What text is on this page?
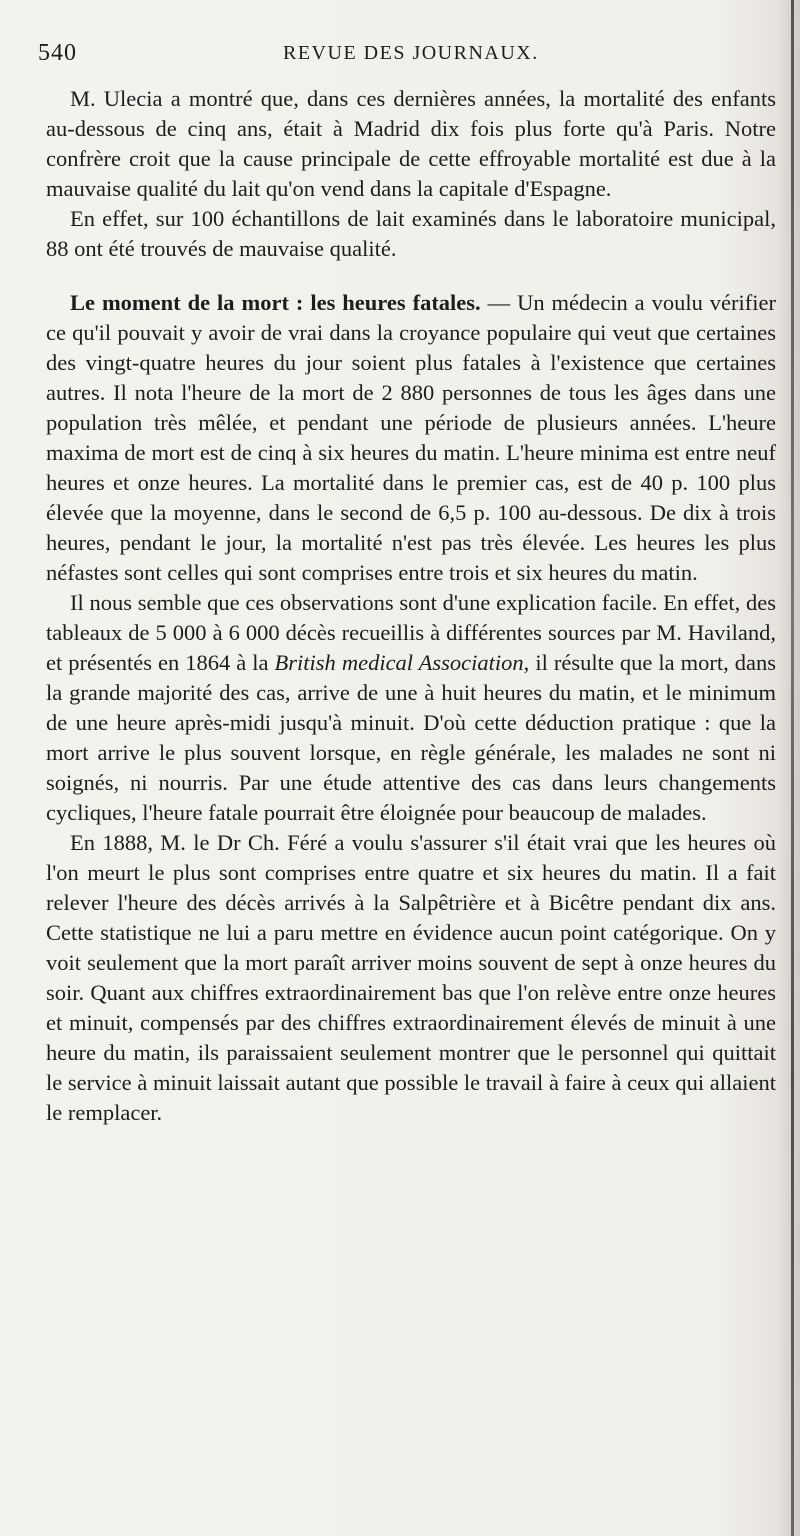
540	REVUE DES JOURNAUX.

M. Ulecia a montré que, dans ces dernières années, la mortalité des enfants au-dessous de cinq ans, était à Madrid dix fois plus forte qu'à Paris. Notre confrère croit que la cause principale de cette effroyable mortalité est due à la mauvaise qualité du lait qu'on vend dans la capitale d'Espagne.

En effet, sur 100 échantillons de lait examinés dans le laboratoire municipal, 88 ont été trouvés de mauvaise qualité.

Le moment de la mort : les heures fatales. — Un médecin a voulu vérifier ce qu'il pouvait y avoir de vrai dans la croyance populaire qui veut que certaines des vingt-quatre heures du jour soient plus fatales à l'existence que certaines autres. Il nota l'heure de la mort de 2 880 personnes de tous les âges dans une population très mêlée, et pendant une période de plusieurs années. L'heure maxima de mort est de cinq à six heures du matin. L'heure minima est entre neuf heures et onze heures. La mortalité dans le premier cas, est de 40 p. 100 plus élevée que la moyenne, dans le second de 6,5 p. 100 au-dessous. De dix à trois heures, pendant le jour, la mortalité n'est pas très élevée. Les heures les plus néfastes sont celles qui sont comprises entre trois et six heures du matin.

Il nous semble que ces observations sont d'une explication facile. En effet, des tableaux de 5 000 à 6 000 décès recueillis à différentes sources par M. Haviland, et présentés en 1864 à la British medical Association, il résulte que la mort, dans la grande majorité des cas, arrive de une à huit heures du matin, et le minimum de une heure après-midi jusqu'à minuit. D'où cette déduction pratique : que la mort arrive le plus souvent lorsque, en règle générale, les malades ne sont ni soignés, ni nourris. Par une étude attentive des cas dans leurs changements cycliques, l'heure fatale pourrait être éloignée pour beaucoup de malades.

En 1888, M. le Dr Ch. Féré a voulu s'assurer s'il était vrai que les heures où l'on meurt le plus sont comprises entre quatre et six heures du matin. Il a fait relever l'heure des décès arrivés à la Salpêtrière et à Bicêtre pendant dix ans. Cette statistique ne lui a paru mettre en évidence aucun point catégorique. On y voit seulement que la mort paraît arriver moins souvent de sept à onze heures du soir. Quant aux chiffres extraordinairement bas que l'on relève entre onze heures et minuit, compensés par des chiffres extraordinairement élevés de minuit à une heure du matin, ils paraissaient seulement montrer que le personnel qui quittait le service à minuit laissait autant que possible le travail à faire à ceux qui allaient le remplacer.
